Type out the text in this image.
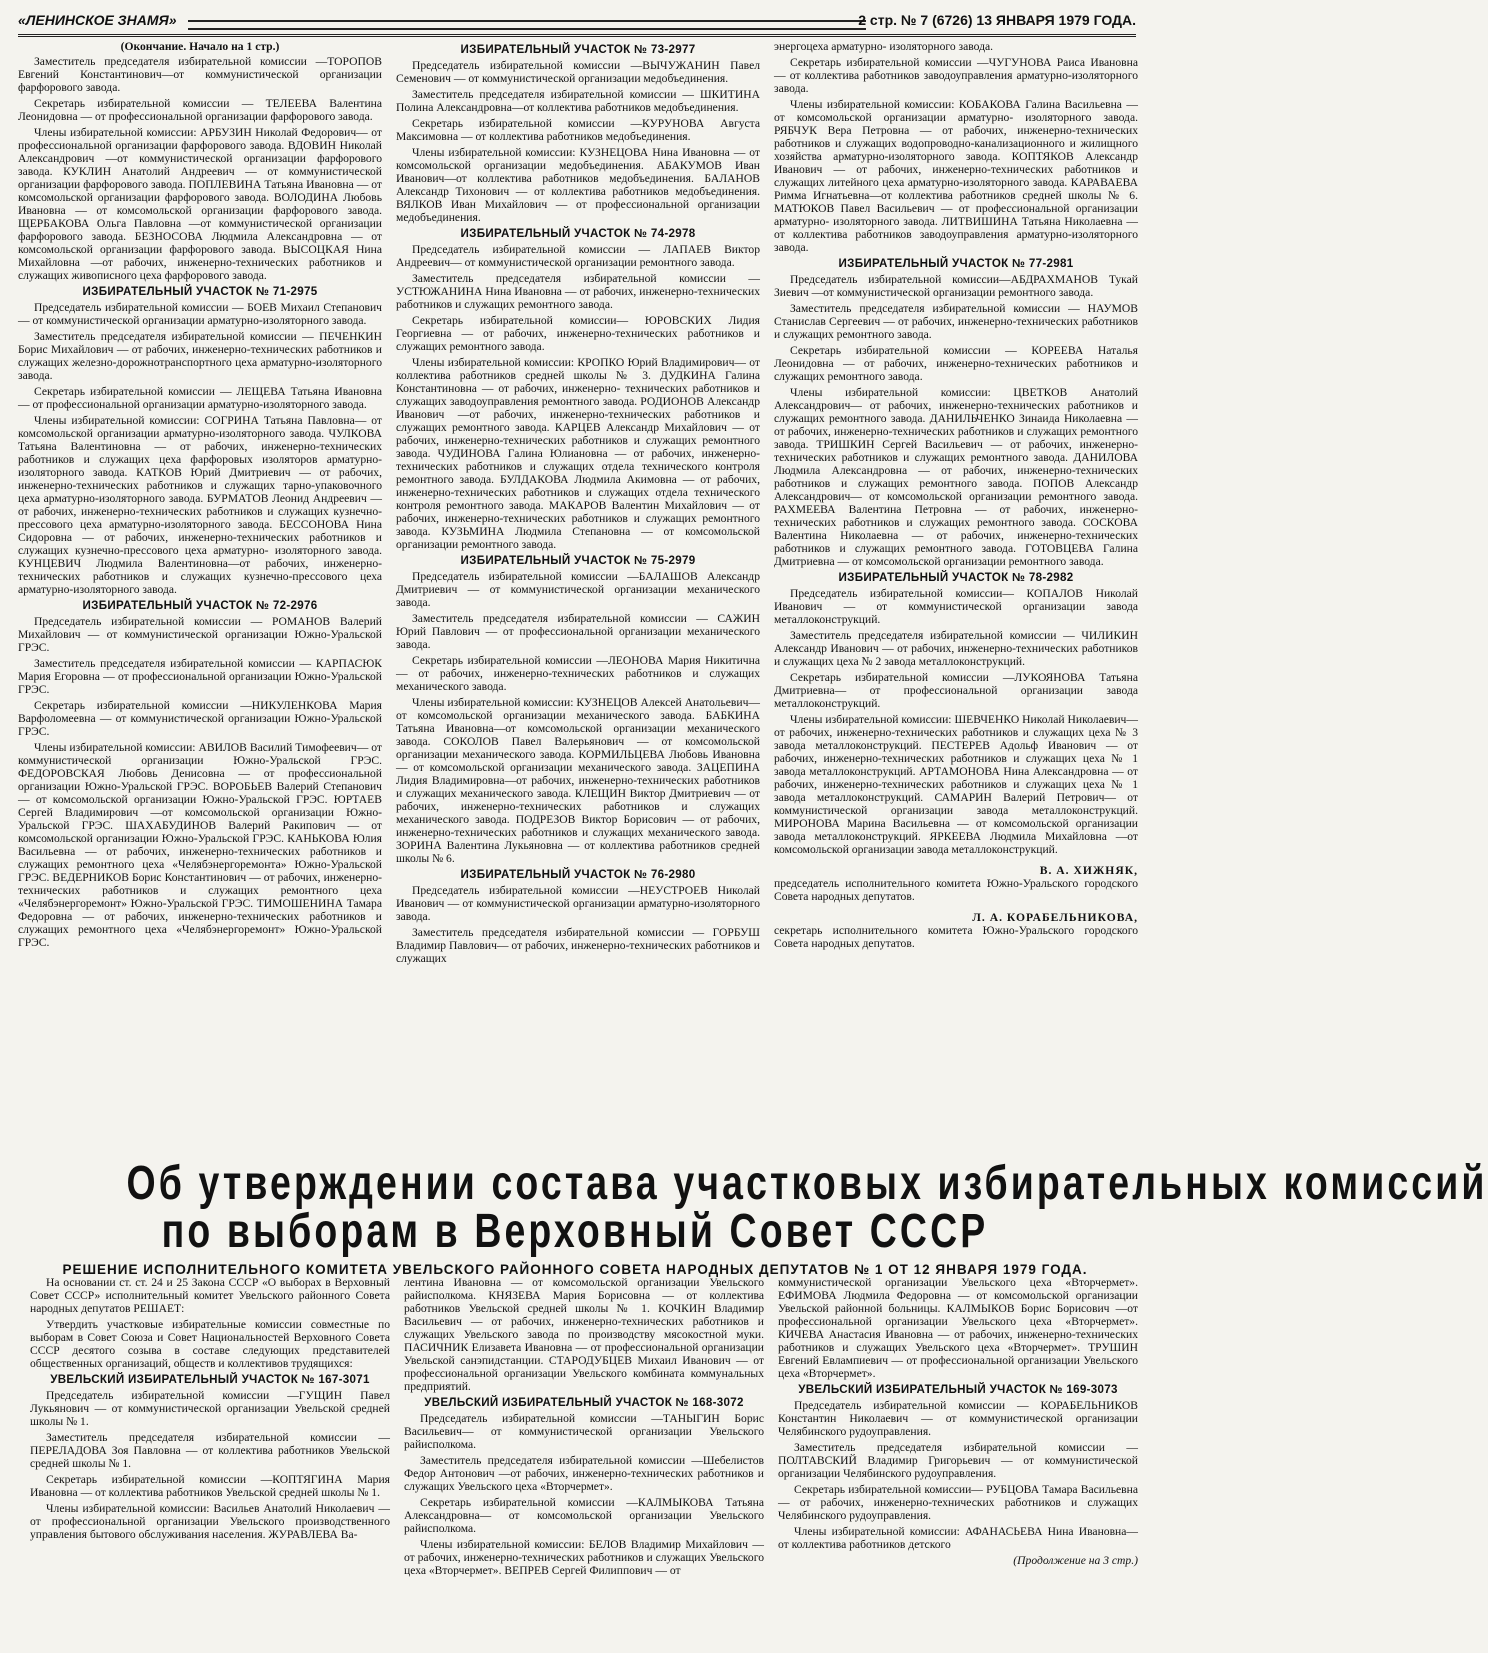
«ЛЕНИНСКОЕ ЗНАМЯ»	2 стр. № 7 (6726) 13 ЯНВАРЯ 1979 ГОДА.

(Окончание. Начало на 1 стр.)

Заместитель председателя избирательной комиссии —ТОРОПОВ Евгений Константинович—от коммунистической организации фарфорового завода.

Секретарь избирательной комиссии — ТЕЛЕЕВА Валентина Леонидовна — от профессиональной организации фарфорового завода.

Члены избирательной комиссии: АРБУЗИН Николай Федорович— от профессиональной организации фарфорового завода. ВДОВИН Николай Александрович —от коммунистической организации фарфорового завода. КУКЛИН Анатолий Андреевич — от коммунистической организации фарфорового завода. ПОПЛЕВИНА Татьяна Ивановна — от комсомольской организации фарфорового завода. ВОЛОДИНА Любовь Ивановна — от комсомольской организации фарфорового завода. ЩЕРБАКОВА Ольга Павловна —от коммунистической организации фарфорового завода. БЕЗНОСОВА Людмила Александровна — от комсомольской организации фарфорового завода. ВЫСОЦКАЯ Нина Михайловна —от рабочих, инженерно-технических работников и служащих живописного цеха фарфорового завода.

ИЗБИРАТЕЛЬНЫЙ УЧАСТОК № 71-2975

Председатель избирательной комиссии — БОЕВ Михаил Степанович — от коммунистической организации арматурно-изоляторного завода.

Заместитель председателя избирательной комиссии — ПЕЧЕНКИН Борис Михайлович — от рабочих, инженерно-технических работников и служащих железно-дорожнотранспортного цеха арматурно-изоляторного завода.

Секретарь избирательной комиссии — ЛЕЩЕВА Татьяна Ивановна — от профессиональной организации арматурно-изоляторного завода.

Члены избирательной комиссии: СОГРИНА Татьяна Павловна— от комсомольской организации арматурно-изоляторного завода. ЧУЛКОВА Татьяна Валентиновна — от рабочих, инженерно-технических работников и служащих цеха фарфоровых изоляторов арматурно-изоляторного завода. КАТКОВ Юрий Дмитриевич — от рабочих, инженерно-технических работников и служащих тарно-упаковочного цеха арматурно-изоляторного завода. БУРМАТОВ Леонид Андреевич — от рабочих, инженерно-технических работников и служащих кузнечно-прессового цеха арматурно-изоляторного завода. БЕССОНОВА Нина Сидоровна — от рабочих, инженерно-технических работников и служащих кузнечно-прессового цеха арматурно- изоляторного завода. КУНЦЕВИЧ Людмила Валентиновна—от рабочих, инженерно-технических работников и служащих кузнечно-прессового цеха арматурно-изоляторного завода.

ИЗБИРАТЕЛЬНЫЙ УЧАСТОК № 72-2976

Председатель избирательной комиссии — РОМАНОВ Валерий Михайлович — от коммунистической организации Южно-Уральской ГРЭС.

Заместитель председателя избирательной комиссии — КАРПАСЮК Мария Егоровна — от профессиональной организации Южно-Уральской ГРЭС.

Секретарь избирательной комиссии —НИКУЛЕНКОВА Мария Варфоломеевна — от коммунистической организации Южно-Уральской ГРЭС.

Члены избирательной комиссии: АВИЛОВ Василий Тимофеевич— от коммунистической организации Южно-Уральской ГРЭС. ФЕДОРОВСКАЯ Любовь Денисовна — от профессиональной организации Южно-Уральской ГРЭС. ВОРОБЬЕВ Валерий Степанович — от комсомольской организации Южно-Уральской ГРЭС. ЮРТАЕВ Сергей Владимирович —от комсомольской организации Южно-Уральской ГРЭС. ШАХАБУДИНОВ Валерий Ракипович — от комсомольской организации Южно-Уральской ГРЭС. КАНЬКОВА Юлия Васильевна — от рабочих, инженерно-технических работников и служащих ремонтного цеха «Челябэнергоремонта» Южно-Уральской ГРЭС. ВЕДЕРНИКОВ Борис Константинович — от рабочих, инженерно-технических работников и служащих ремонтного цеха «Челябэнергоремонт» Южно-Уральской ГРЭС. ТИМОШЕНИНА Тамара Федоровна — от рабочих, инженерно-технических работников и служащих ремонтного цеха «Челябэнергоремонт» Южно-Уральской ГРЭС.

ИЗБИРАТЕЛЬНЫЙ УЧАСТОК № 73-2977

Председатель избирательной комиссии —ВЫЧУЖАНИН Павел Семенович — от коммунистической организации медобъединения.

Заместитель председателя избирательной комиссии — ШКИТИНА Полина Александровна—от коллектива работников медобъединения.

Секретарь избирательной комиссии —КУРУНОВА Августа Максимовна — от коллектива работников медобъединения.

Члены избирательной комиссии: КУЗНЕЦОВА Нина Ивановна — от комсомольской организации медобъединения. АБАКУМОВ Иван Иванович—от коллектива работников медобъединения. БАЛАНОВ Александр Тихонович — от коллектива работников медобъединения. ВЯЛКОВ Иван Михайлович — от профессиональной организации медобъединения.

ИЗБИРАТЕЛЬНЫЙ УЧАСТОК № 74-2978

Председатель избирательной комиссии — ЛАПАЕВ Виктор Андреевич— от коммунистической организации ремонтного завода.

Заместитель председателя избирательной комиссии — УСТЮЖАНИНА Нина Ивановна — от рабочих, инженерно-технических работников и служащих ремонтного завода.

Секретарь избирательной комиссии— ЮРОВСКИХ Лидия Георгиевна — от рабочих, инженерно-технических работников и служащих ремонтного завода.

Члены избирательной комиссии: КРОПКО Юрий Владимирович— от коллектива работников средней школы № 3. ДУДКИНА Галина Константиновна — от рабочих, инженерно- технических работников и служащих заводоуправления ремонтного завода. РОДИОНОВ Александр Иванович —от рабочих, инженерно-технических работников и служащих ремонтного завода. КАРЦЕВ Александр Михайлович — от рабочих, инженерно-технических работников и служащих ремонтного завода. ЧУДИНОВА Галина Юлиановна — от рабочих, инженерно-технических работников и служащих отдела технического контроля ремонтного завода. БУЛДАКОВА Людмила Акимовна — от рабочих, инженерно-технических работников и служащих отдела технического контроля ремонтного завода. МАКАРОВ Валентин Михайлович — от рабочих, инженерно-технических работников и служащих ремонтного завода. КУЗЬМИНА Людмила Степановна — от комсомольской организации ремонтного завода.

ИЗБИРАТЕЛЬНЫЙ УЧАСТОК № 75-2979

Председатель избирательной комиссии —БАЛАШОВ Александр Дмитриевич — от коммунистической организации механического завода.

Заместитель председателя избирательной комиссии — САЖИН Юрий Павлович — от профессиональной организации механического завода.

Секретарь избирательной комиссии —ЛЕОНОВА Мария Никитична — от рабочих, инженерно-технических работников и служащих механического завода.

Члены избирательной комиссии: КУЗНЕЦОВ Алексей Анатольевич— от комсомольской организации механического завода. БАБКИНА Татьяна Ивановна—от комсомольской организации механического завода. СОКОЛОВ Павел Валерьянович — от комсомольской организации механического завода. КОРМИЛЬЦЕВА Любовь Ивановна — от комсомольской организации механического завода. ЗАЦЕПИНА Лидия Владимировна—от рабочих, инженерно-технических работников и служащих механического завода. КЛЕЩИН Виктор Дмитриевич — от рабочих, инженерно-технических работников и служащих механического завода. ПОДРЕЗОВ Виктор Борисович — от рабочих, инженерно-технических работников и служащих механического завода. ЗОРИНА Валентина Лукьяновна — от коллектива работников средней школы № 6.

ИЗБИРАТЕЛЬНЫЙ УЧАСТОК № 76-2980

Председатель избирательной комиссии —НЕУСТРОЕВ Николай Иванович — от коммунистической организации арматурно-изоляторного завода.

Заместитель председателя избирательной комиссии — ГОРБУШ Владимир Павлович— от рабочих, инженерно-технических работников и служащих

энергоцеха арматурно- изоляторного завода.

Секретарь избирательной комиссии —ЧУГУНОВА Раиса Ивановна — от коллектива работников заводоуправления арматурно-изоляторного завода.

Члены избирательной комиссии: КОБАКОВА Галина Васильевна — от комсомольской организации арматурно- изоляторного завода. РЯБЧУК Вера Петровна — от рабочих, инженерно-технических работников и служащих водопроводно-канализационного и жилищного хозяйства арматурно-изоляторного завода. КОПТЯКОВ Александр Иванович — от рабочих, инженерно-технических работников и служащих литейного цеха арматурно-изоляторного завода. КАРАВАЕВА Римма Игнатьевна—от коллектива работников средней школы № 6. МАТЮКОВ Павел Васильевич — от профессиональной организации арматурно- изоляторного завода. ЛИТВИШИНА Татьяна Николаевна — от коллектива работников заводоуправления арматурно-изоляторного завода.

ИЗБИРАТЕЛЬНЫЙ УЧАСТОК № 77-2981

Председатель избирательной комиссии—АБДРАХМАНОВ Тукай Зиевич —от коммунистической организации ремонтного завода.

Заместитель председателя избирательной комиссии — НАУМОВ Станислав Сергеевич — от рабочих, инженерно-технических работников и служащих ремонтного завода.

Секретарь избирательной комиссии — КОРЕЕВА Наталья Леонидовна — от рабочих, инженерно-технических работников и служащих ремонтного завода.

Члены избирательной комиссии: ЦВЕТКОВ Анатолий Александрович— от рабочих, инженерно-технических работников и служащих ремонтного завода. ДАНИЛЬЧЕНКО Зинаида Николаевна — от рабочих, инженерно-технических работников и служащих ремонтного завода. ТРИШКИН Сергей Васильевич — от рабочих, инженерно- технических работников и служащих ремонтного завода. ДАНИЛОВА Людмила Александровна — от рабочих, инженерно-технических работников и служащих ремонтного завода. ПОПОВ Александр Александрович— от комсомольской организации ремонтного завода. РАХМЕЕВА Валентина Петровна — от рабочих, инженерно-технических работников и служащих ремонтного завода. СОСКОВА Валентина Николаевна — от рабочих, инженерно-технических работников и служащих ремонтного завода. ГОТОВЦЕВА Галина Дмитриевна — от комсомольской организации ремонтного завода.

ИЗБИРАТЕЛЬНЫЙ УЧАСТОК № 78-2982

Председатель избирательной комиссии— КОПАЛОВ Николай Иванович — от коммунистической организации завода металлоконструкций.

Заместитель председателя избирательной комиссии — ЧИЛИКИН Александр Иванович — от рабочих, инженерно-технических работников и служащих цеха № 2 завода металлоконструкций.

Секретарь избирательной комиссии —ЛУКОЯНОВА Татьяна Дмитриевна— от профессиональной организации завода металлоконструкций.

Члены избирательной комиссии: ШЕВЧЕНКО Николай Николаевич— от рабочих, инженерно-технических работников и служащих цеха № 3 завода металлоконструкций. ПЕСТЕРЕВ Адольф Иванович — от рабочих, инженерно-технических работников и служащих цеха № 1 завода металлоконструкций. АРТАМОНОВА Нина Александровна — от рабочих, инженерно-технических работников и служащих цеха № 1 завода металлоконструкций. САМАРИН Валерий Петрович— от коммунистической организации завода металлоконструкций. МИРОНОВА Марина Васильевна — от комсомольской организации завода металлоконструкций. ЯРКЕЕВА Людмила Михайловна —от комсомольской организации завода металлоконструкций.

В. А. ХИЖНЯК,
председатель исполнительного комитета Южно-Уральского городского Совета народных депутатов.

Л. А. КОРАБЕЛЬНИКОВА,
секретарь исполнительного комитета Южно-Уральского городского Совета народных депутатов.

Об утверждении состава участковых избирательных комиссий
по выборам в Верховный Совет СССР
РЕШЕНИЕ ИСПОЛНИТЕЛЬНОГО КОМИТЕТА УВЕЛЬСКОГО РАЙОННОГО СОВЕТА НАРОДНЫХ ДЕПУТАТОВ № 1 ОТ 12 ЯНВАРЯ 1979 ГОДА.

На основании ст. ст. 24 и 25 Закона СССР «О выборах в Верховный Совет СССР» исполнительный комитет Увельского районного Совета народных депутатов РЕШАЕТ:

Утвердить участковые избирательные комиссии совместные по выборам в Совет Союза и Совет Национальностей Верховного Совета СССР десятого созыва в составе следующих представителей общественных организаций, обществ и коллективов трудящихся:

УВЕЛЬСКИЙ ИЗБИРАТЕЛЬНЫЙ УЧАСТОК № 167-3071

Председатель избирательной комиссии —ГУЩИН Павел Лукьянович — от коммунистической организации Увельской средней школы № 1.

Заместитель председателя избирательной комиссии —ПЕРЕЛАДОВА Зоя Павловна — от коллектива работников Увельской средней школы № 1.

Секретарь избирательной комиссии —КОПТЯГИНА Мария Ивановна — от коллектива работников Увельской средней школы № 1.

Члены избирательной комиссии: Васильев Анатолий Николаевич — от профессиональной организации Увельского производственного управления бытового обслуживания населения. ЖУРАВЛЕВА Ва-

лентина Ивановна — от комсомольской организации Увельского райисполкома. КНЯЗЕВА Мария Борисовна — от коллектива работников Увельской средней школы № 1. КОЧКИН Владимир Васильевич — от рабочих, инженерно-технических работников и служащих Увельского завода по производству мясокостной муки. ПАСИЧНИК Елизавета Ивановна — от профессиональной организации Увельской санэпидстанции. СТАРОДУБЦЕВ Михаил Иванович — от профессиональной организации Увельского комбината коммунальных предприятий.

УВЕЛЬСКИЙ ИЗБИРАТЕЛЬНЫЙ УЧАСТОК № 168-3072

Председатель избирательной комиссии —ТАНЫГИН Борис Васильевич— от коммунистической организации Увельского райисполкома.

Заместитель председателя избирательной комиссии —Шебелистов Федор Антонович —от рабочих, инженерно-технических работников и служащих Увельского цеха «Вторчермет».

Секретарь избирательной комиссии —КАЛМЫКОВА Татьяна Александровна— от комсомольской организации Увельского райисполкома.

Члены избирательной комиссии: БЕЛОВ Владимир Михайлович —от рабочих, инженерно-технических работников и служащих Увельского цеха «Вторчермет». ВЕПРЕВ Сергей Филиппович — от

коммунистической организации Увельского цеха «Вторчермет». ЕФИМОВА Людмила Федоровна — от комсомольской организации Увельской районной больницы. КАЛМЫКОВ Борис Борисович —от профессиональной организации Увельского цеха «Вторчермет». КИЧЕВА Анастасия Ивановна — от рабочих, инженерно-технических работников и служащих Увельского цеха «Вторчермет». ТРУШИН Евгений Евлампиевич — от профессиональной организации Увельского цеха «Вторчермет».

УВЕЛЬСКИЙ ИЗБИРАТЕЛЬНЫЙ УЧАСТОК № 169-3073

Председатель избирательной комиссии — КОРАБЕЛЬНИКОВ Константин Николаевич — от коммунистической организации Челябинского рудоуправления.

Заместитель председателя избирательной комиссии — ПОЛТАВСКИЙ Владимир Григорьевич — от коммунистической организации Челябинского рудоуправления.

Секретарь избирательной комиссии— РУБЦОВА Тамара Васильевна — от рабочих, инженерно-технических работников и служащих Челябинского рудоуправления.

Члены избирательной комиссии: АФАНАСЬЕВА Нина Ивановна— от коллектива работников детского

(Продолжение на 3 стр.)
